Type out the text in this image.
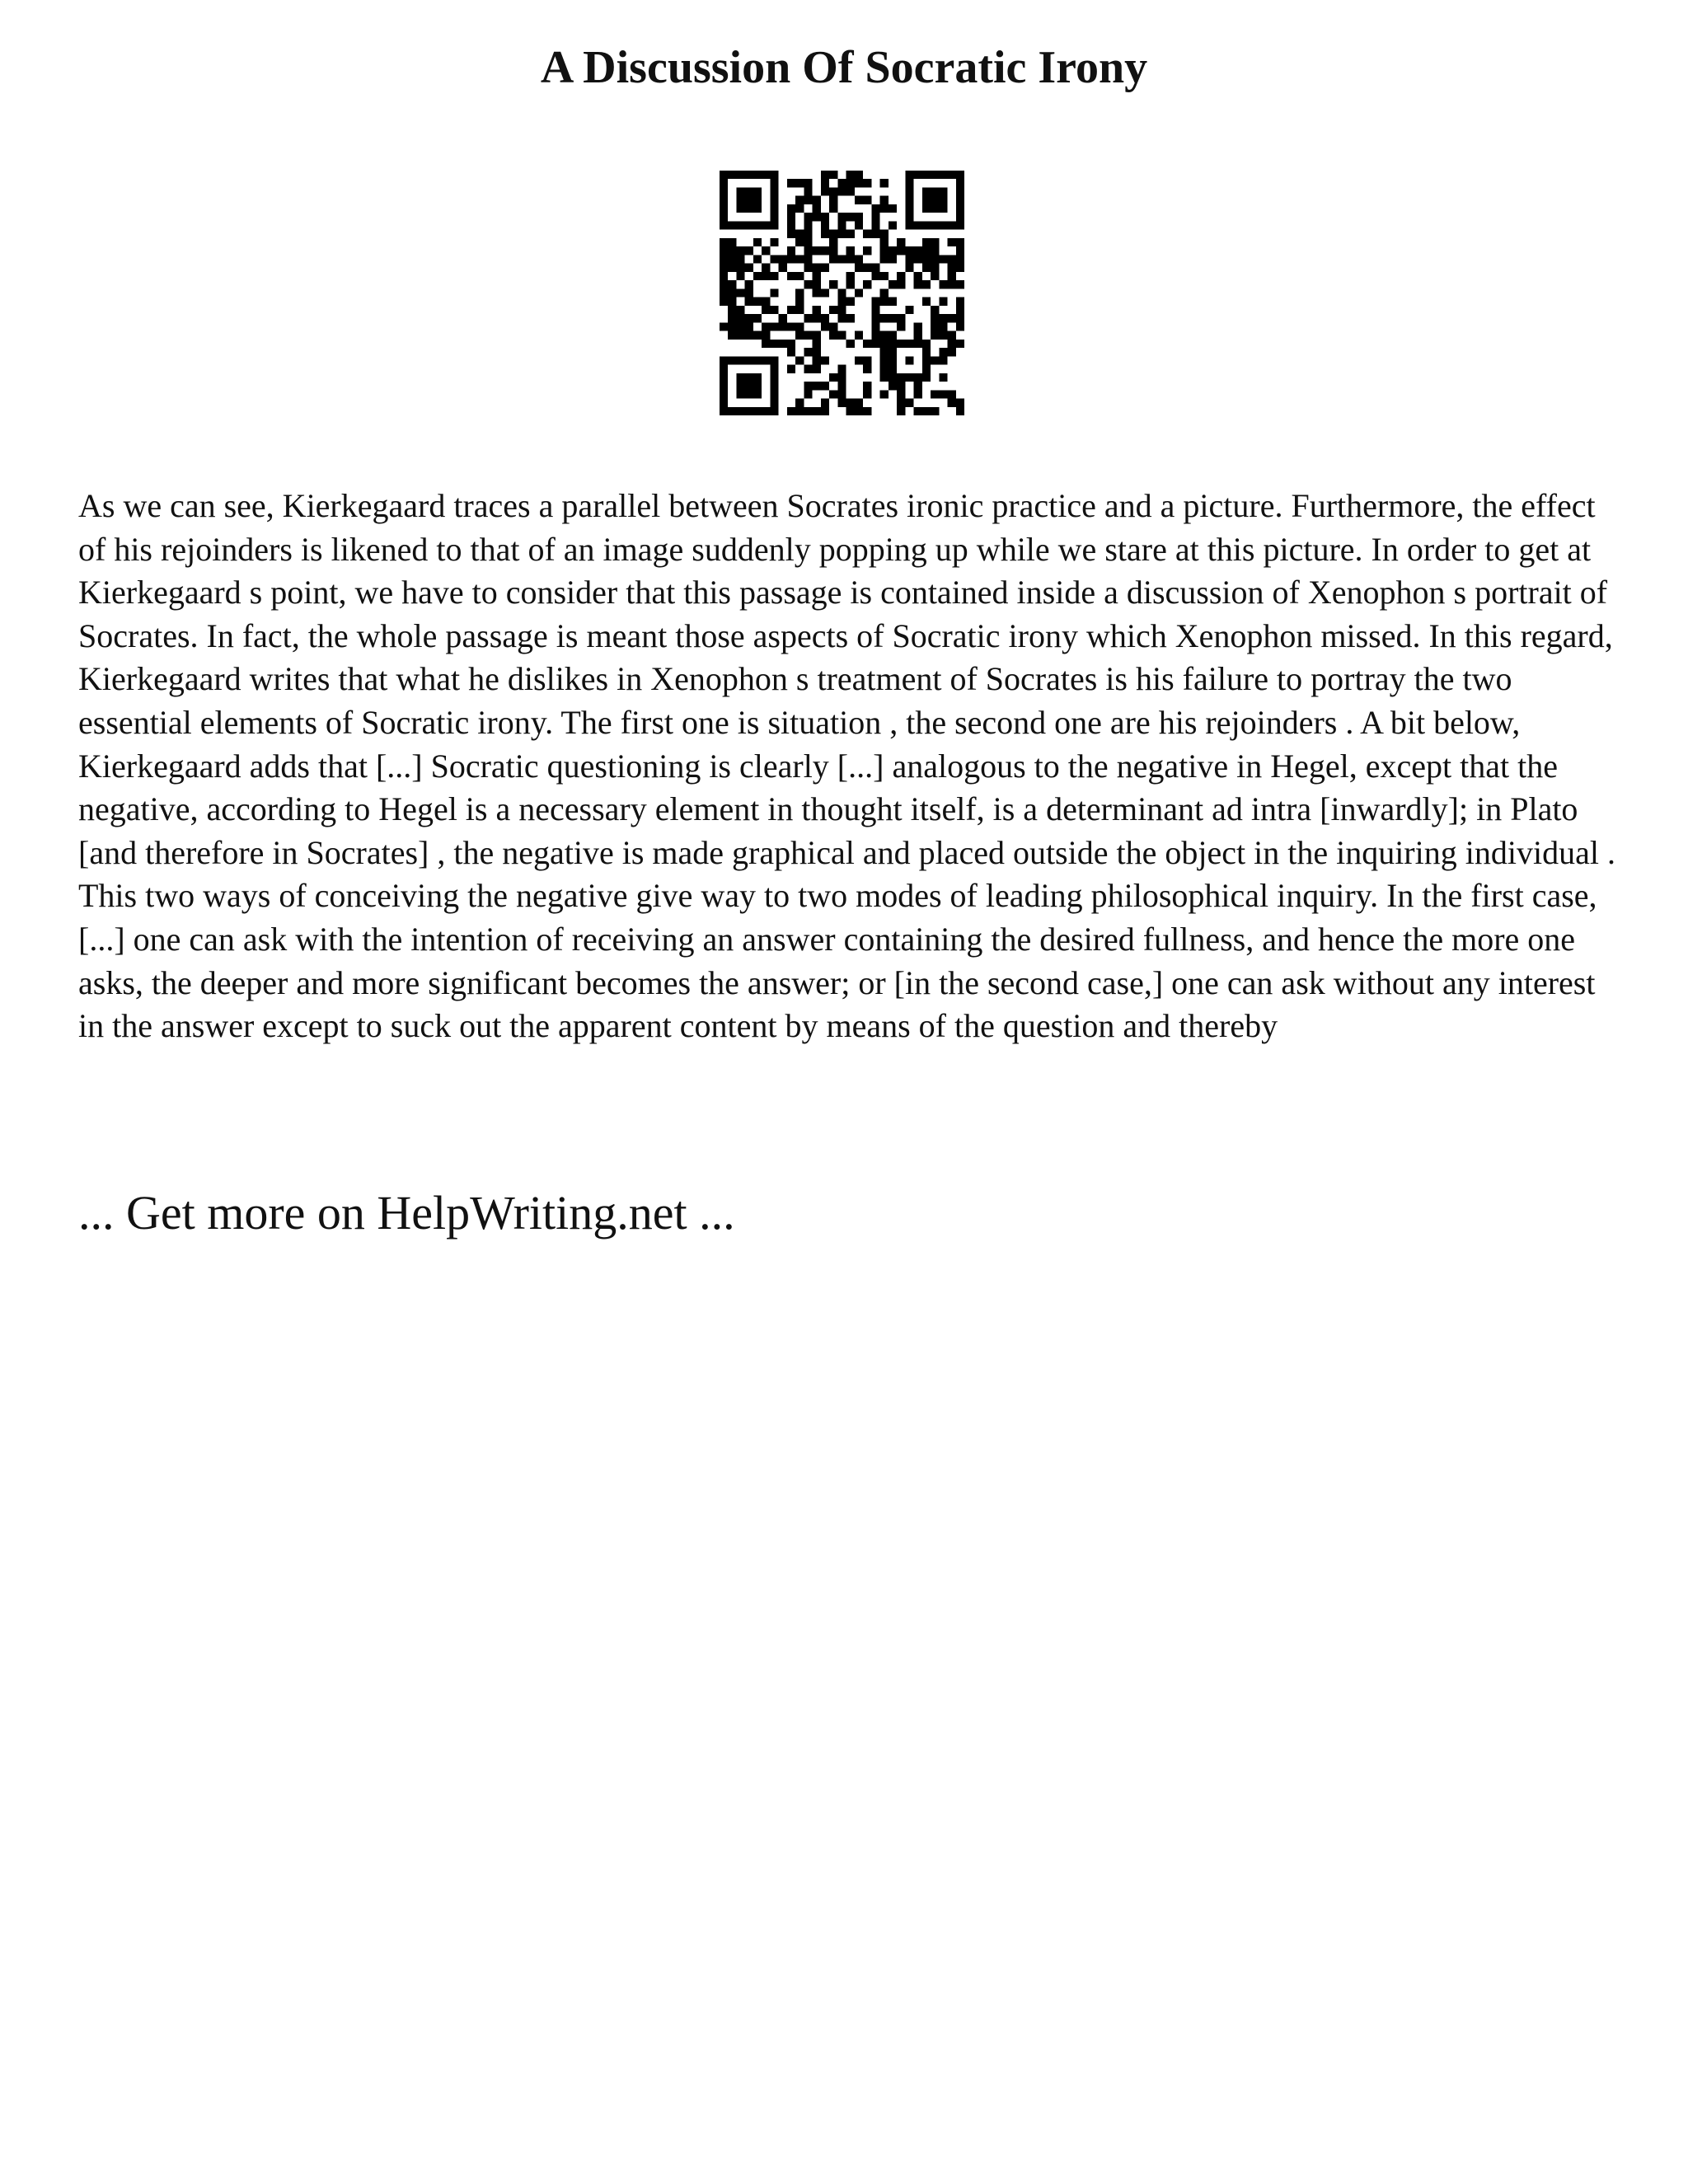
A Discussion Of Socratic Irony

As we can see, Kierkegaard traces a parallel between Socrates ironic practice and a picture. Furthermore, the effect of his rejoinders is likened to that of an image suddenly popping up while we stare at this picture. In order to get at Kierkegaard s point, we have to consider that this passage is contained inside a discussion of Xenophon s portrait of Socrates. In fact, the whole passage is meant those aspects of Socratic irony which Xenophon missed. In this regard, Kierkegaard writes that what he dislikes in Xenophon s treatment of Socrates is his failure to portray the two essential elements of Socratic irony. The first one is situation , the second one are his rejoinders . A bit below, Kierkegaard adds that [...] Socratic questioning is clearly [...] analogous to the negative in Hegel, except that the negative, according to Hegel is a necessary element in thought itself, is a determinant ad intra [inwardly]; in Plato [and therefore in Socrates] , the negative is made graphical and placed outside the object in the inquiring individual . This two ways of conceiving the negative give way to two modes of leading philosophical inquiry. In the first case, [...] one can ask with the intention of receiving an answer containing the desired fullness, and hence the more one asks, the deeper and more significant becomes the answer; or [in the second case,] one can ask without any interest in the answer except to suck out the apparent content by means of the question and thereby

... Get more on HelpWriting.net ...
